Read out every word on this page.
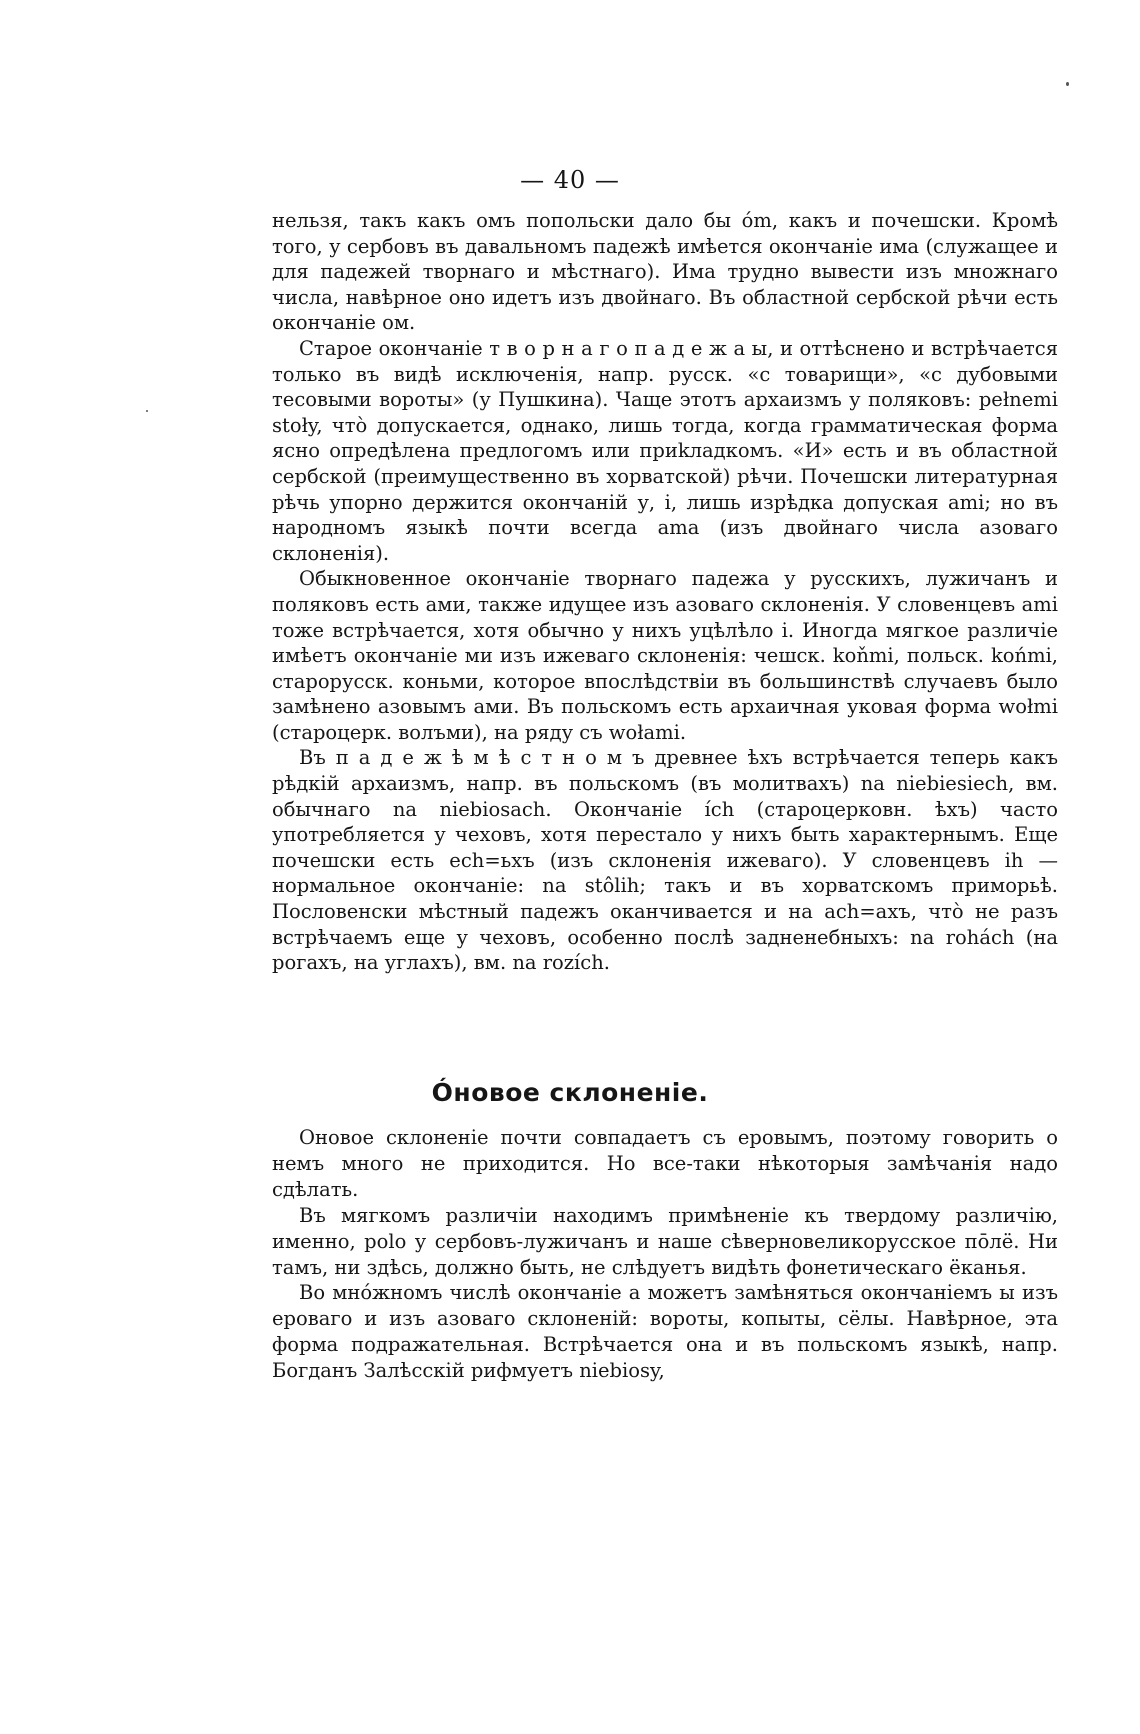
— 40 —

нельзя, такъ какъ омъ попольски дало бы óm, какъ и почешски. Кромѣ того, у сербовъ въ давальномъ падежѣ имѣется окончаніе има (служащее и для падежей творнаго и мѣстнаго). Има трудно вывести изъ множнаго числа, навѣрное оно идетъ изъ двойнаго. Въ областной сербской рѣчи есть окончаніе ом.

Старое окончаніе т в о р н а г о п а д е ж а ы, и оттѣснено и встрѣчается только въ видѣ исключенія, напр. русск. «с товарищи», «с дубовыми тесовыми вороты» (у Пушкина). Чаще этотъ архаизмъ у поляковъ: pełnemi stoły, чтò допускается, однако, лишь тогда, когда грамматическая форма ясно опредѣлена предлогомъ или приkладкомъ. «И» есть и въ областной сербской (преимущественно въ хорватской) рѣчи. Почешски литературная рѣчь упорно держится окончаній у, i, лишь изрѣдка допуская ami; но въ народномъ языкѣ почти всегда ama (изъ двойнаго числа азоваго склоненія).

Обыкновенное окончаніе творнаго падежа у русскихъ, лужичанъ и поляковъ есть ами, также идущее изъ азоваго склоненія. У словенцевъ ami тоже встрѣчается, хотя обычно у нихъ уцѣлѣло i. Иногда мягкое различіе имѣетъ окончаніе ми изъ ижеваго склоненія: чешск. koňmi, польск. końmi, старорусск. коньми, которое впослѣдствіи въ большинствѣ случаевъ было замѣнено азовымъ ами. Въ польскомъ есть архаичная уковая форма wołmi (староцерк. волъми), на ряду съ wołami.

Въ п а д е ж ѣ м ѣ с т н о м ъ древнее ѣхъ встрѣчается теперь какъ рѣдкій архаизмъ, напр. въ польскомъ (въ молитвахъ) na niebiesiech, вм. обычнаго na niebiosach. Окончаніе ích (староцерковн. ѣхъ) часто употребляется у чеховъ, хотя перестало у нихъ быть характернымъ. Еще почешски есть ech=ьхъ (изъ склоненія ижеваго). У словенцевъ ih — нормальное окончаніе: na stôlih; такъ и въ хорватскомъ приморьѣ. Пословенски мѣстный падежъ оканчивается и на ach=ахъ, чтò не разъ встрѣчаемъ еще у чеховъ, особенно послѣ задненебныхъ: na rohách (на рогахъ, на углахъ), вм. na rozích.

Óновое склоненіе.

Оновое склоненіе почти совпадаетъ съ еровымъ, поэтому говорить о немъ много не приходится. Но все-таки нѣкоторыя замѣчанія надо сдѣлать.

Въ мягкомъ различіи находимъ примѣненіе къ твердому различію, именно, polo у сербовъ-лужичанъ и наше сѣверновеликорусское пōлё. Ни тамъ, ни здѣсь, должно быть, не слѣдуетъ видѣть фонетическаго ёканья.

Во мнóжномъ числѣ окончаніе а можетъ замѣняться окончаніемъ ы изъ ероваго и изъ азоваго склоненій: вороты, копыты, сёлы. Навѣрное, эта форма подражательная. Встрѣчается она и въ польскомъ языкѣ, напр. Богданъ Залѣсскій рифмуетъ niebiosy,
